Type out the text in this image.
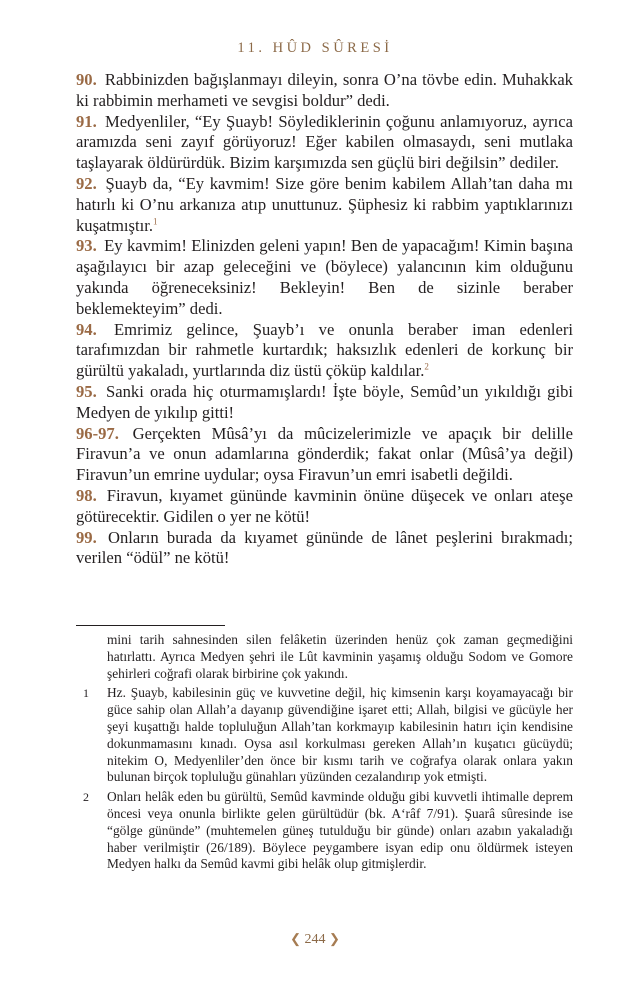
11. HÛD SÛRESİ

90. Rabbinizden bağışlanmayı dileyin, sonra O’na tövbe edin. Muhakkak ki rabbimin merhameti ve sevgisi boldur” dedi.

91. Medyenliler, “Ey Şuayb! Söylediklerinin çoğunu anlamıyoruz, ayrıca aramızda seni zayıf görüyoruz! Eğer kabilen olmasaydı, seni mutlaka taşlayarak öldürürdük. Bizim karşımızda sen güçlü biri değilsin” dediler.

92. Şuayb da, “Ey kavmim! Size göre benim kabilem Allah’tan daha mı hatırlı ki O’nu arkanıza atıp unuttunuz. Şüphesiz ki rabbim yaptıklarınızı kuşatmıştır.$^1$

93. Ey kavmim! Elinizden geleni yapın! Ben de yapacağım! Kimin başına aşağılayıcı bir azap geleceğini ve (böylece) yalancının kim olduğunu yakında öğreneceksiniz! Bekleyin! Ben de sizinle beraber beklemekteyim” dedi.

94. Emrimiz gelince, Şuayb’ı ve onunla beraber iman edenleri tarafımızdan bir rahmetle kurtardık; haksızlık edenleri de korkunç bir gürültü yakaladı, yurtlarında diz üstü çöküp kaldılar.$^2$

95. Sanki orada hiç oturmamışlardı! İşte böyle, Semûd’un yıkıldığı gibi Medyen de yıkılıp gitti!

96-97. Gerçekten Mûsâ’yı da mûcizelerimizle ve apaçık bir delille Firavun’a ve onun adamlarına gönderdik; fakat onlar (Mûsâ’ya değil) Firavun’un emrine uydular; oysa Firavun’un emri isabetli değildi.

98. Firavun, kıyamet gününde kavminin önüne düşecek ve onları ateşe götürecektir. Gidilen o yer ne kötü!

99. Onların burada da kıyamet gününde de lânet peşlerini bırakmadı; verilen “ödül” ne kötü!

mini tarih sahnesinden silen felâketin üzerinden henüz çok zaman geçmediğini hatırlattı. Ayrıca Medyen şehri ile Lût kavminin yaşamış olduğu Sodom ve Gomore şehirleri coğrafi olarak birbirine çok yakındı.

1 Hz. Şuayb, kabilesinin güç ve kuvvetine değil, hiç kimsenin karşı koyamayacağı bir güce sahip olan Allah’a dayanıp güvendiğine işaret etti; Allah, bilgisi ve gücüyle her şeyi kuşattığı halde topluluğun Allah’tan korkmayıp kabilesinin hatırı için kendisine dokunmamasını kınadı. Oysa asıl korkulması gereken Allah’ın kuşatıcı gücüydü; nitekim O, Medyenliler’den önce bir kısmı tarih ve coğrafya olarak onlara yakın bulunan birçok topluluğu günahları yüzünden cezalandırıp yok etmişti.

2 Onları helâk eden bu gürültü, Semûd kavminde olduğu gibi kuvvetli ihtimalle deprem öncesi veya onunla birlikte gelen gürültüdür (bk. A‘râf 7/91). Şuarâ sûresinde ise “gölge gününde” (muhtemelen güneş tutulduğu bir günde) onları azabın yakaladığı haber verilmiştir (26/189). Böylece peygambere isyan edip onu öldürmek isteyen Medyen halkı da Semûd kavmi gibi helâk olup gitmişlerdir.

❮ 244 ❯
